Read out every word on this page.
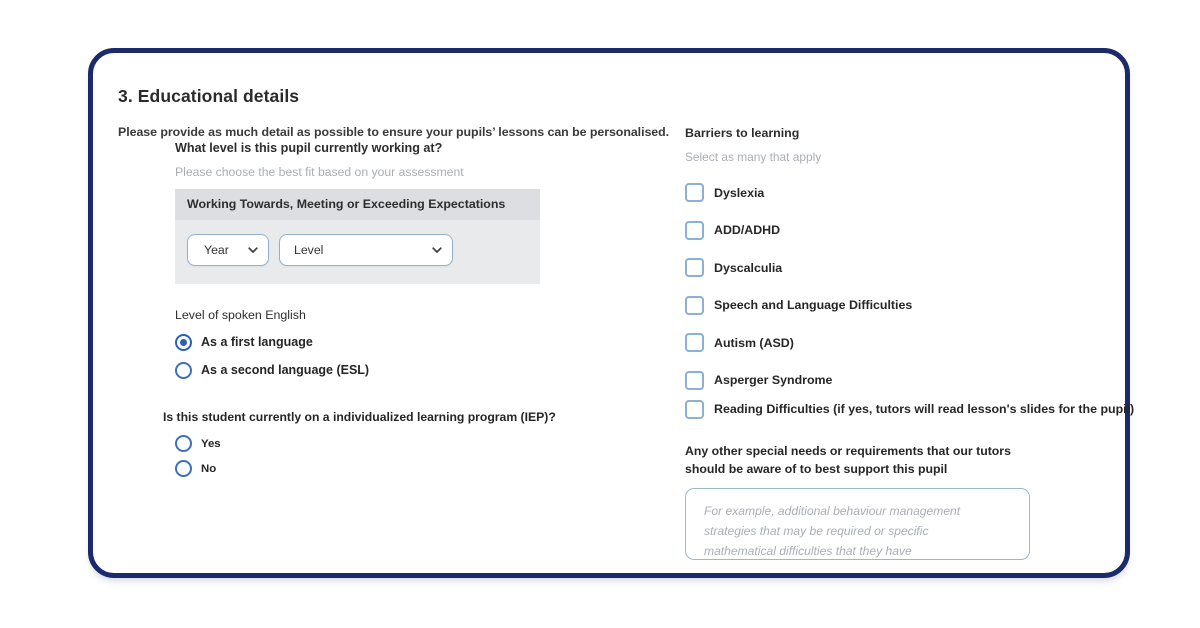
3. Educational details
Please provide as much detail as possible to ensure your pupils’ lessons can be personalised.
What level is this pupil currently working at?
Please choose the best fit based on your assessment
Working Towards, Meeting or Exceeding Expectations
Year	Level
Level of spoken English
As a first language
As a second language (ESL)
Is this student currently on a individualized learning program (IEP)?
Yes
No
Barriers to learning
Select as many that apply
Dyslexia
ADD/ADHD
Dyscalculia
Speech and Language Difficulties
Autism (ASD)
Asperger Syndrome
Reading Difficulties (if yes, tutors will read lesson's slides for the pupil)
Any other special needs or requirements that our tutors
should be aware of to best support this pupil
For example, additional behaviour management
strategies that may be required or specific
mathematical difficulties that they have
